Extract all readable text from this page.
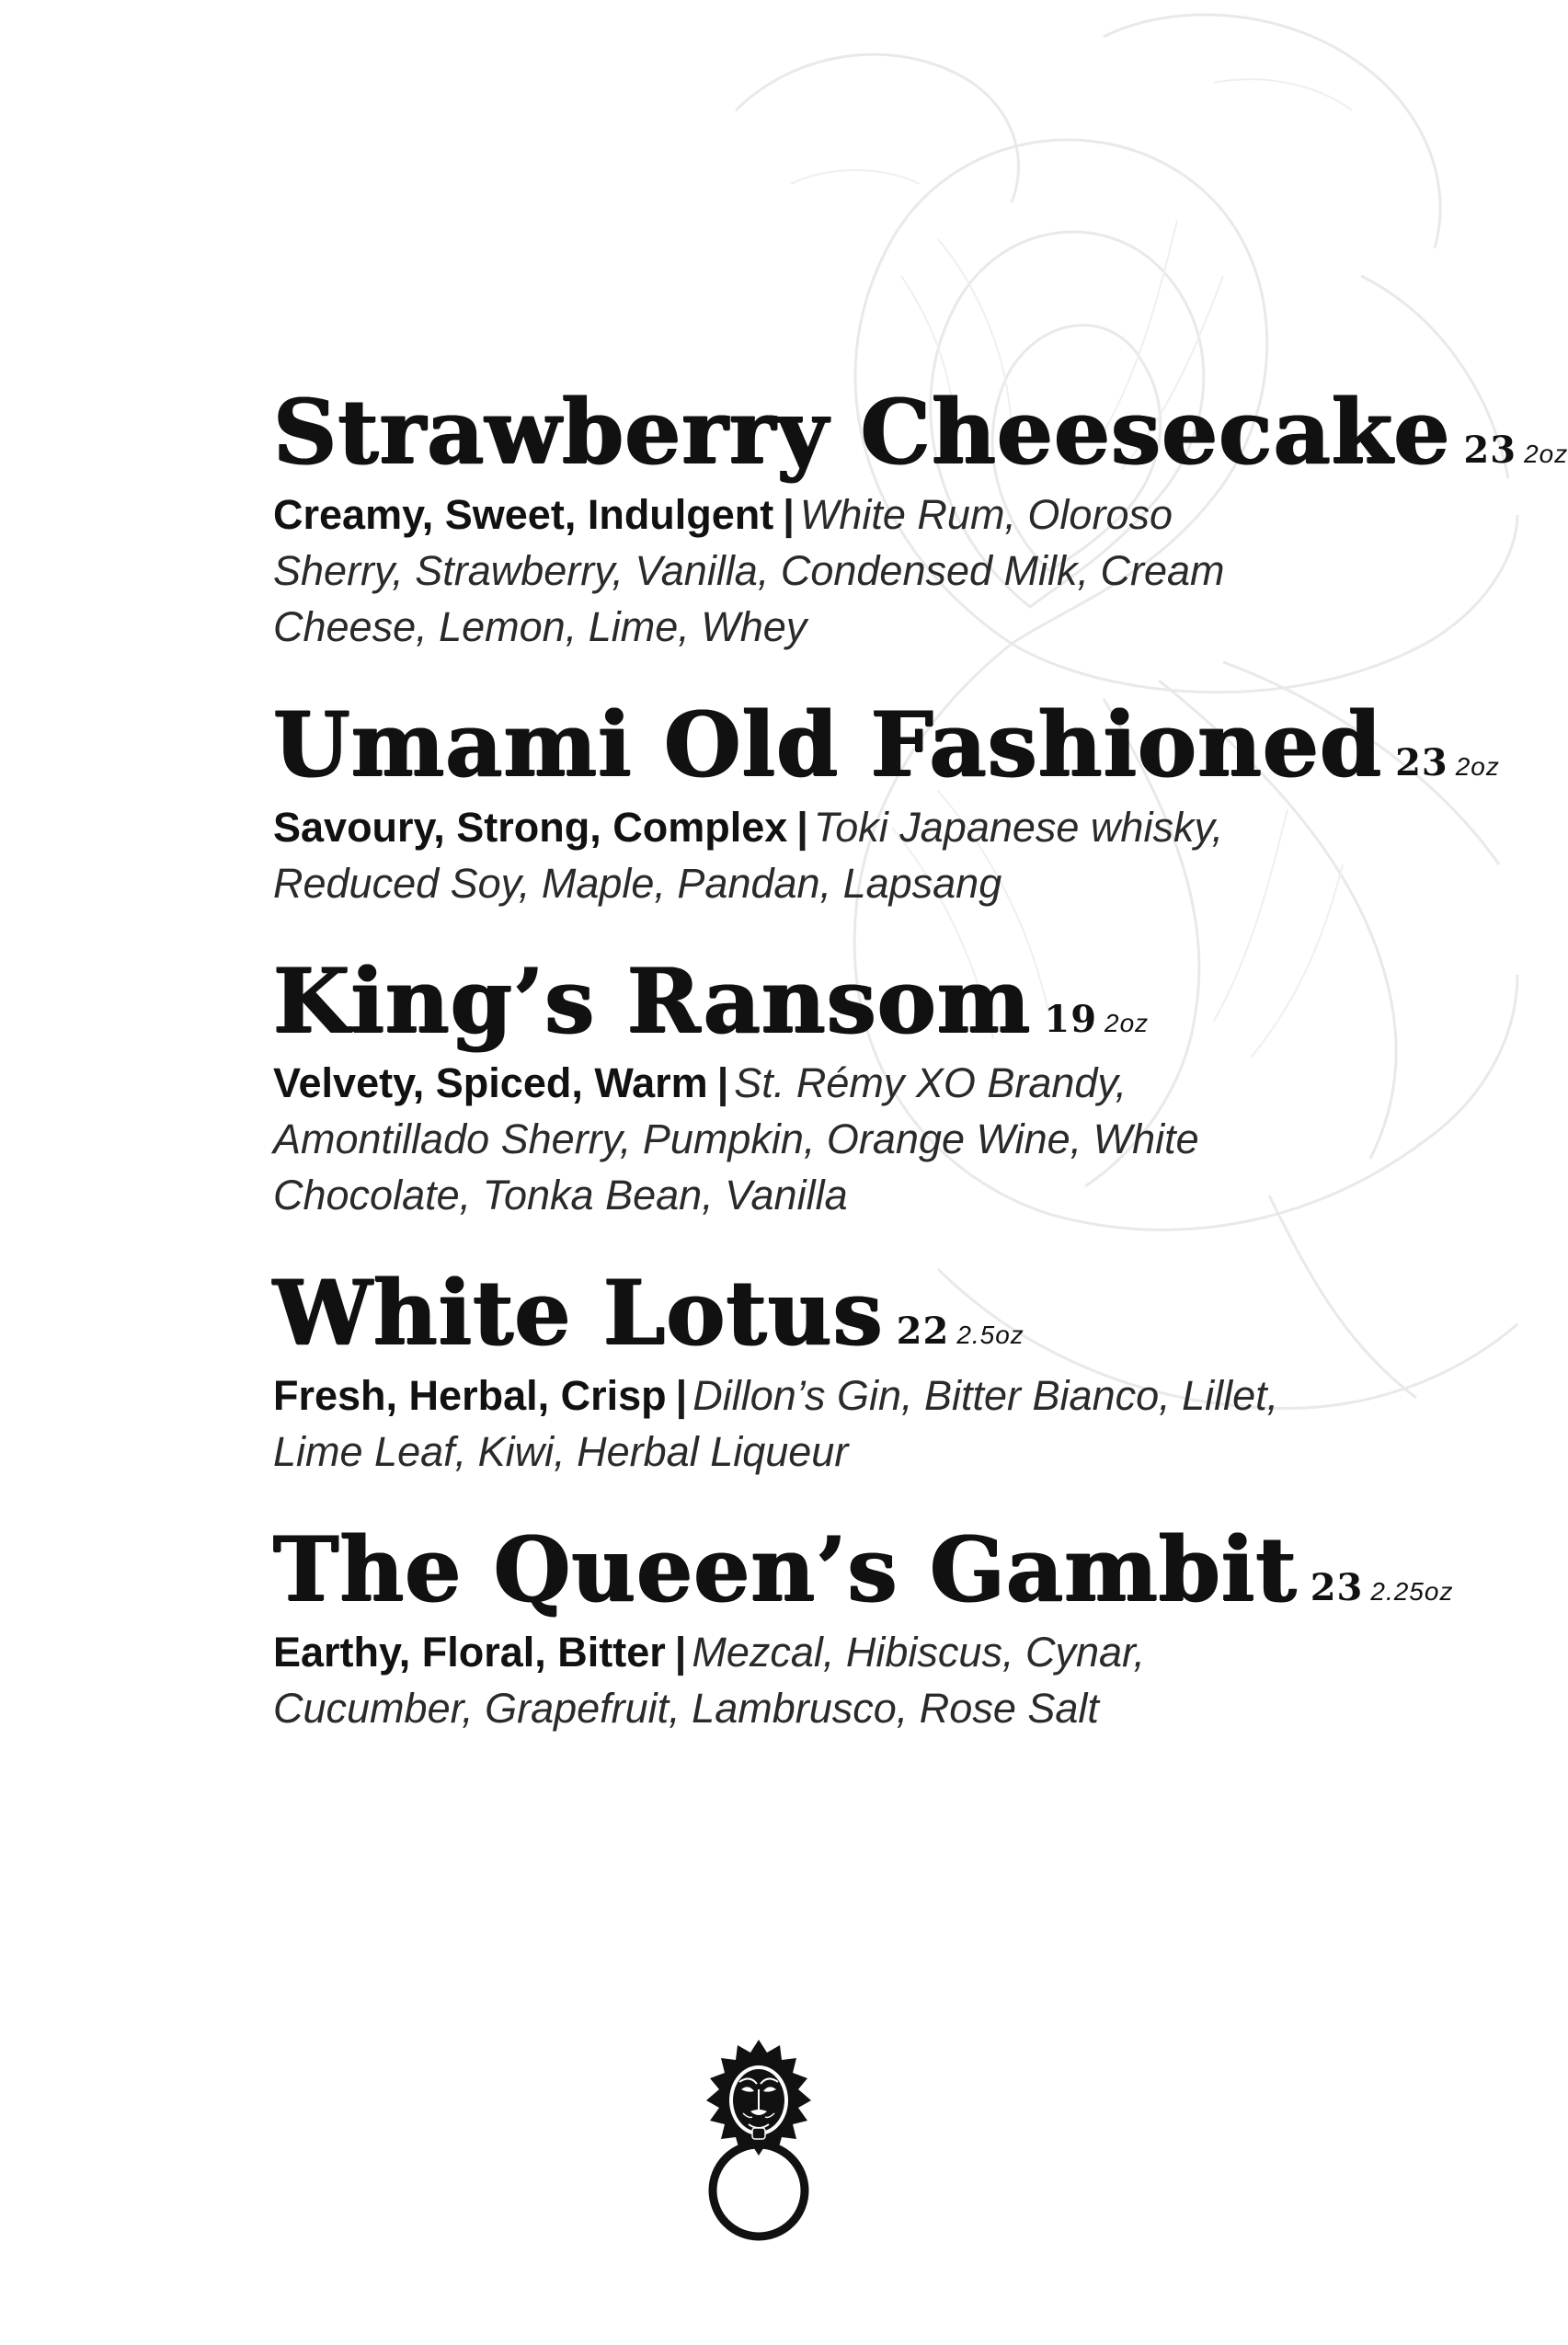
Strawberry Cheesecake 23 2oz
Creamy, Sweet, Indulgent | White Rum, Oloroso Sherry, Strawberry, Vanilla, Condensed Milk, Cream Cheese, Lemon, Lime, Whey
Umami Old Fashioned 23 2oz
Savoury, Strong, Complex | Toki Japanese whisky, Reduced Soy, Maple, Pandan, Lapsang
King’s Ransom 19 2oz
Velvety, Spiced, Warm | St. Rémy XO Brandy, Amontillado Sherry, Pumpkin, Orange Wine, White Chocolate, Tonka Bean, Vanilla
White Lotus 22 2.5oz
Fresh, Herbal, Crisp | Dillon’s Gin, Bitter Bianco, Lillet, Lime Leaf, Kiwi, Herbal Liqueur
The Queen’s Gambit 23 2.25oz
Earthy, Floral, Bitter | Mezcal, Hibiscus, Cynar, Cucumber, Grapefruit, Lambrusco, Rose Salt
